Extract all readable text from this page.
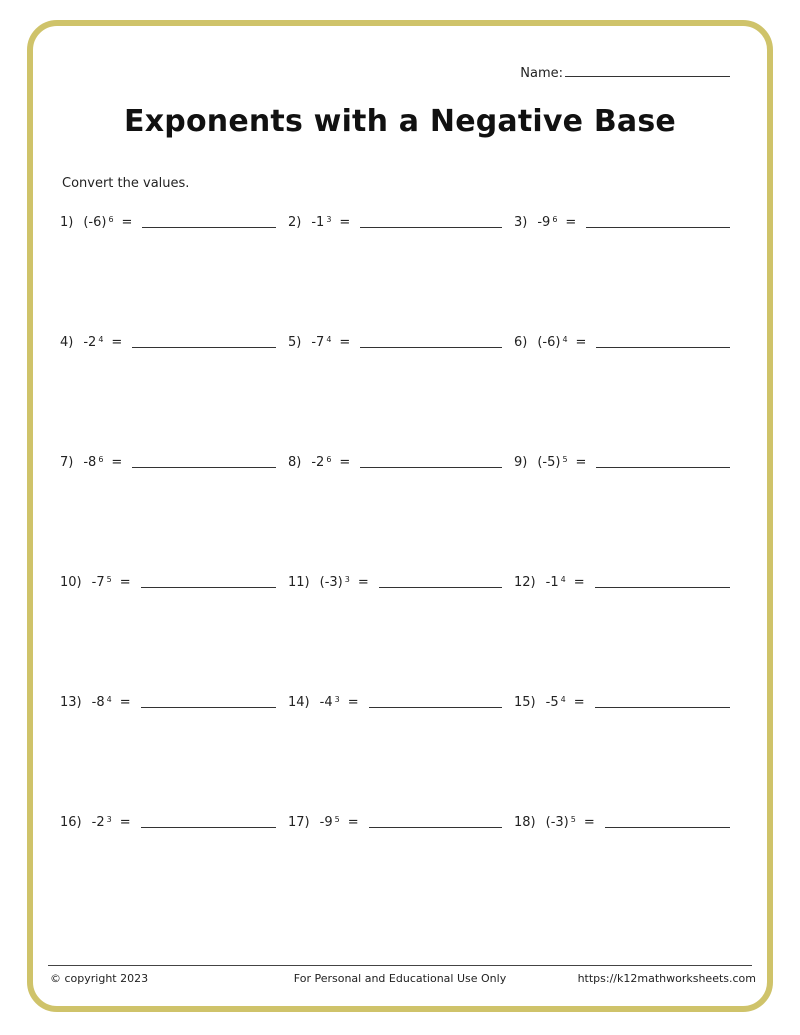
Name:
Exponents with a Negative Base
Convert the values.
1) (-6) 6 =	2) -1 3 =	3) -9 6 =
4) -2 4 =	5) -7 4 =	6) (-6) 4 =
7) -8 6 =	8) -2 6 =	9) (-5) 5 =
10) -7 5 =	11) (-3) 3 =	12) -1 4 =
13) -8 4 =	14) -4 3 =	15) -5 4 =
16) -2 3 =	17) -9 5 =	18) (-3) 5 =
© copyright 2023	For Personal and Educational Use Only	https://k12mathworksheets.com
